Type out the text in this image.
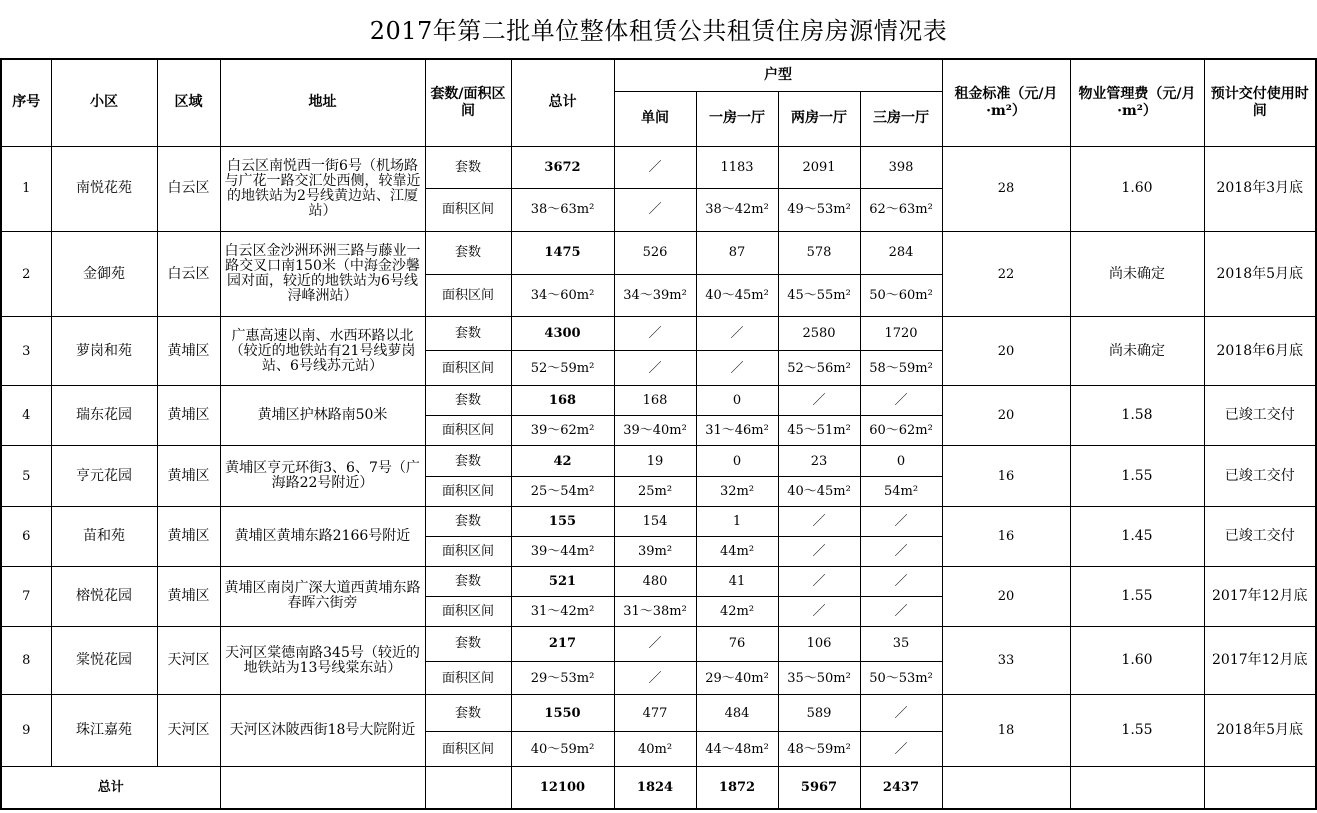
2017年第二批单位整体租赁公共租赁住房房源情况表
序号	小区	区域	地址	套数/面积区间	总计	户型				租金标准（元/月·m²）	物业管理费（元/月·m²）	预计交付使用时间
						单间	一房一厅	两房一厅	三房一厅			
1	南悦花苑	白云区	白云区南悦西一街6号（机场路与广花一路交汇处西侧，较靠近的地铁站为2号线黄边站、江厦站）	套数	3672	／	1183	2091	398	28	1.60	2018年3月底
				面积区间	38～63m²	／	38～42m²	49～53m²	62～63m²			
2	金御苑	白云区	白云区金沙洲环洲三路与藤业一路交叉口南150米（中海金沙馨园对面，较近的地铁站为6号线浔峰洲站）	套数	1475	526	87	578	284	22	尚未确定	2018年5月底
				面积区间	34～60m²	34～39m²	40～45m²	45～55m²	50～60m²			
3	萝岗和苑	黄埔区	广惠高速以南、水西环路以北（较近的地铁站有21号线萝岗站、6号线苏元站）	套数	4300	／	／	2580	1720	20	尚未确定	2018年6月底
				面积区间	52～59m²	／	／	52～56m²	58～59m²			
4	瑞东花园	黄埔区	黄埔区护林路南50米	套数	168	168	0	／	／	20	1.58	已竣工交付
				面积区间	39～62m²	39～40m²	31～46m²	45～51m²	60～62m²			
5	亨元花园	黄埔区	黄埔区亨元环街3、6、7号（广海路22号附近）	套数	42	19	0	23	0	16	1.55	已竣工交付
				面积区间	25～54m²	25m²	32m²	40～45m²	54m²			
6	苗和苑	黄埔区	黄埔区黄埔东路2166号附近	套数	155	154	1	／	／	16	1.45	已竣工交付
				面积区间	39～44m²	39m²	44m²	／	／			
7	榕悦花园	黄埔区	黄埔区南岗广深大道西黄埔东路春晖六街旁	套数	521	480	41	／	／	20	1.55	2017年12月底
				面积区间	31～42m²	31～38m²	42m²	／	／			
8	棠悦花园	天河区	天河区棠德南路345号（较近的地铁站为13号线棠东站）	套数	217	／	76	106	35	33	1.60	2017年12月底
				面积区间	29～53m²	／	29～40m²	35～50m²	50～53m²			
9	珠江嘉苑	天河区	天河区沐陂西街18号大院附近	套数	1550	477	484	589	／	18	1.55	2018年5月底
				面积区间	40～59m²	40m²	44～48m²	48～59m²	／			
总计					12100	1824	1872	5967	2437			
